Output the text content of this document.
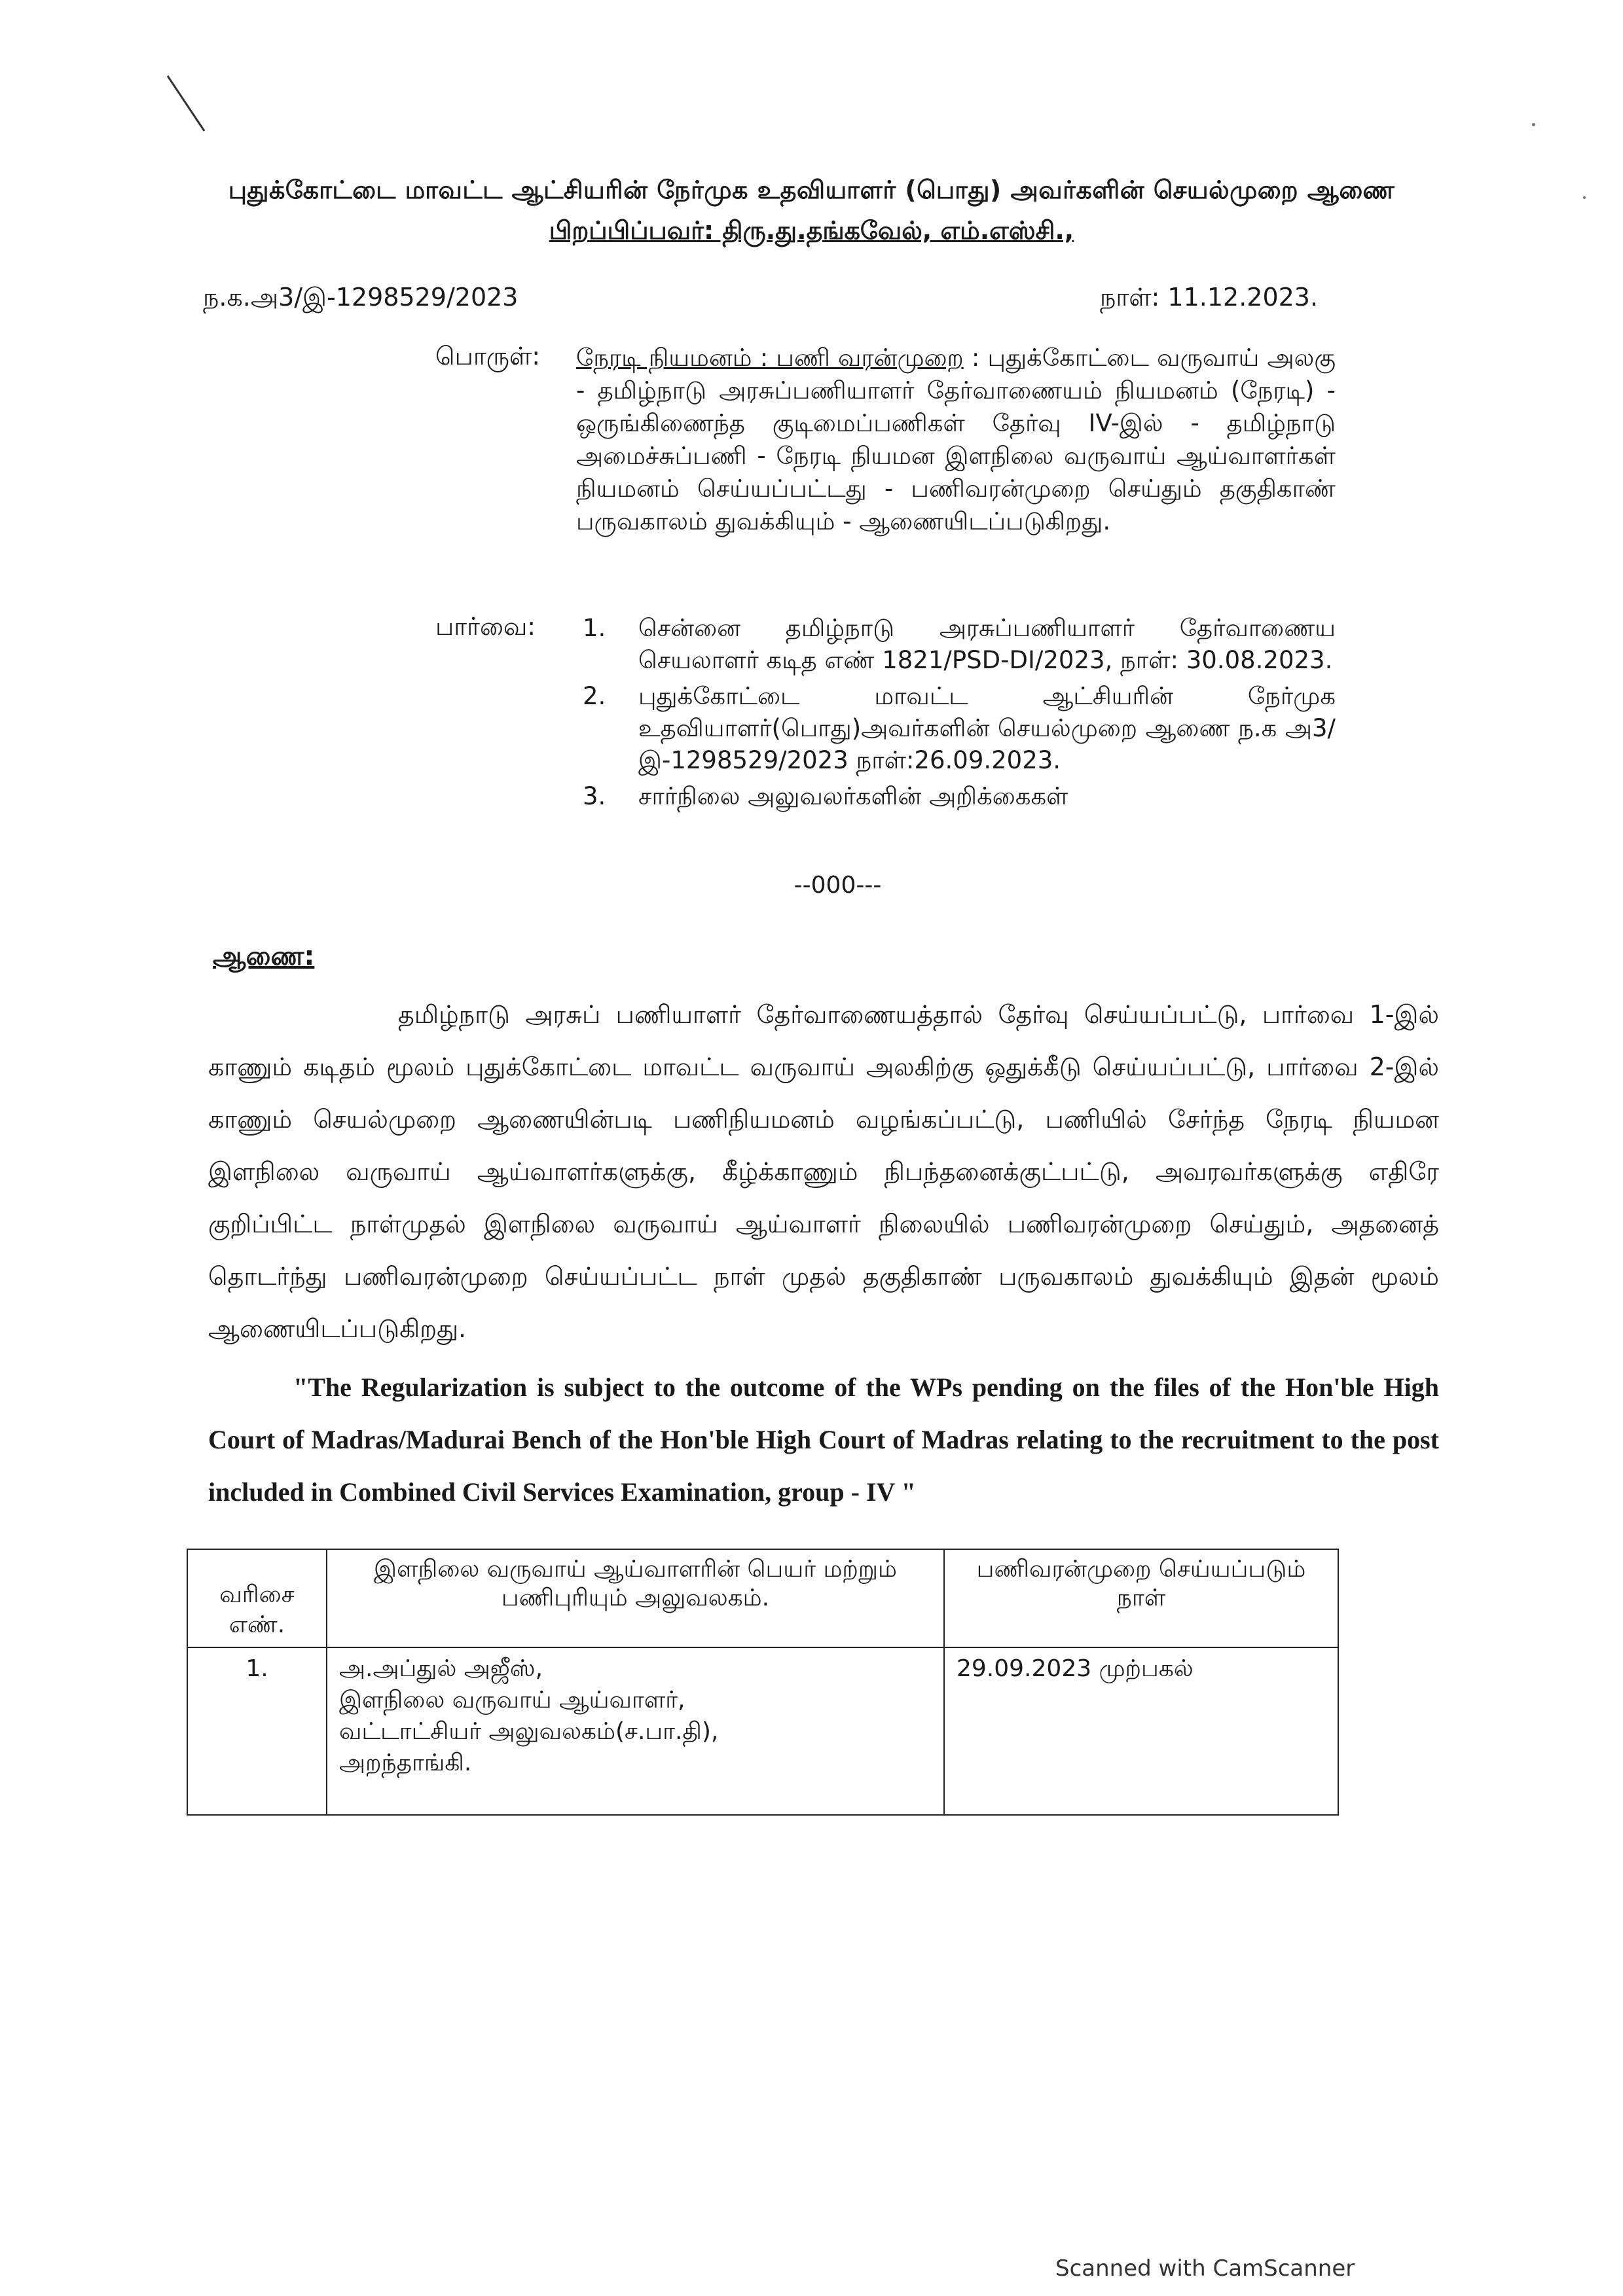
புதுக்கோட்டை மாவட்ட ஆட்சியரின் நேர்முக உதவியாளர் (பொது) அவர்களின் செயல்முறை ஆணை
பிறப்பிப்பவர்: திரு.து.தங்கவேல், எம்.எஸ்சி.,
ந.க.அ3/இ-1298529/2023	நாள்: 11.12.2023.
பொருள்: நேரடி நியமனம் : பணி வரன்முறை : புதுக்கோட்டை வருவாய் அலகு - தமிழ்நாடு அரசுப்பணியாளர் தேர்வாணையம் நியமனம் (நேரடி) - ஒருங்கிணைந்த குடிமைப்பணிகள் தேர்வு IV-இல் - தமிழ்நாடு அமைச்சுப்பணி - நேரடி நியமன இளநிலை வருவாய் ஆய்வாளர்கள் நியமனம் செய்யப்பட்டது - பணிவரன்முறை செய்தும் தகுதிகாண் பருவகாலம் துவக்கியும் - ஆணையிடப்படுகிறது.
பார்வை: 1. சென்னை தமிழ்நாடு அரசுப்பணியாளர் தேர்வாணைய செயலாளர் கடித எண் 1821/PSD-DI/2023, நாள்: 30.08.2023.
2. புதுக்கோட்டை மாவட்ட ஆட்சியரின் நேர்முக உதவியாளர்(பொது)அவர்களின் செயல்முறை ஆணை ந.க அ3/இ-1298529/2023 நாள்:26.09.2023.
3. சார்நிலை அலுவலர்களின் அறிக்கைகள்
--000---
ஆணை:

தமிழ்நாடு அரசுப் பணியாளர் தேர்வாணையத்தால் தேர்வு செய்யப்பட்டு, பார்வை 1-இல் காணும் கடிதம் மூலம் புதுக்கோட்டை மாவட்ட வருவாய் அலகிற்கு ஒதுக்கீடு செய்யப்பட்டு, பார்வை 2-இல் காணும் செயல்முறை ஆணையின்படி பணிநியமனம் வழங்கப்பட்டு, பணியில் சேர்ந்த நேரடி நியமன இளநிலை வருவாய் ஆய்வாளர்களுக்கு, கீழ்க்காணும் நிபந்தனைக்குட்பட்டு, அவரவர்களுக்கு எதிரே குறிப்பிட்ட நாள்முதல் இளநிலை வருவாய் ஆய்வாளர் நிலையில் பணிவரன்முறை செய்தும், அதனைத் தொடர்ந்து பணிவரன்முறை செய்யப்பட்ட நாள் முதல் தகுதிகாண் பருவகாலம் துவக்கியும் இதன் மூலம் ஆணையிடப்படுகிறது.

"The Regularization is subject to the outcome of the WPs pending on the files of the Hon'ble High Court of Madras/Madurai Bench of the Hon'ble High Court of Madras relating to the recruitment to the post included in Combined Civil Services Examination, group - IV "

வரிசை எண்.	இளநிலை வருவாய் ஆய்வாளரின் பெயர் மற்றும் பணிபுரியும் அலுவலகம்.	பணிவரன்முறை செய்யப்படும் நாள்
1.	அ.அப்துல் அஜீஸ்,
இளநிலை வருவாய் ஆய்வாளர்,
வட்டாட்சியர் அலுவலகம்(ச.பா.தி),
அறந்தாங்கி.	29.09.2023 முற்பகல்
Scanned with CamScanner
